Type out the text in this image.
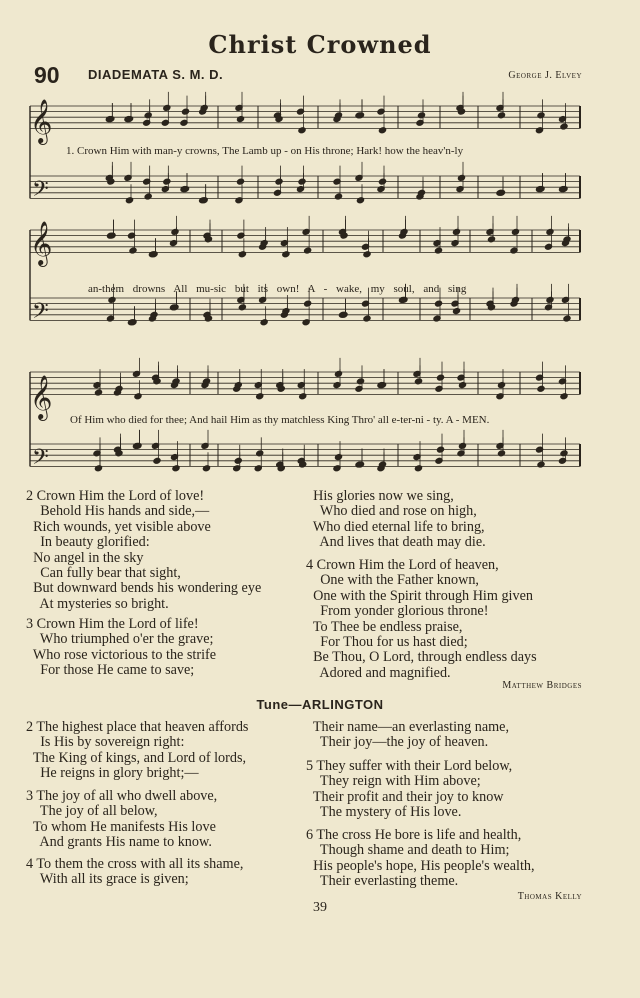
Christ Crowned
90 DIADEMATA S. M. D.	George J. Elvey
𝄞
𝄞
𝄞
𝄢
𝄢
𝄢
1. Crown Him with man-y crowns, The Lamb up - on His throne; Hark! how the heav'n-ly
an-them drowns All mu-sic but its own! A - wake, my soul, and sing
Of Him who died for thee; And hail Him as thy matchless King Thro' all e-ter-ni - ty. A - MEN.
2 Crown Him the Lord of love!
Behold His hands and side,—
Rich wounds, yet visible above
In beauty glorified:
No angel in the sky
Can fully bear that sight,
But downward bends his wondering eye
At mysteries so bright.
3 Crown Him the Lord of life!
Who triumphed o'er the grave;
Who rose victorious to the strife
For those He came to save;
His glories now we sing,
Who died and rose on high,
Who died eternal life to bring,
And lives that death may die.
4 Crown Him the Lord of heaven,
One with the Father known,
One with the Spirit through Him given
From yonder glorious throne!
To Thee be endless praise,
For Thou for us hast died;
Be Thou, O Lord, through endless days
Adored and magnified.
Matthew Bridges
Tune—ARLINGTON
2 The highest place that heaven affords
Is His by sovereign right:
The King of kings, and Lord of lords,
He reigns in glory bright;—
3 The joy of all who dwell above,
The joy of all below,
To whom He manifests His love
And grants His name to know.
4 To them the cross with all its shame,
With all its grace is given;
Their name—an everlasting name,
Their joy—the joy of heaven.
5 They suffer with their Lord below,
They reign with Him above;
Their profit and their joy to know
The mystery of His love.
6 The cross He bore is life and health,
Though shame and death to Him;
His people's hope, His people's wealth,
Their everlasting theme.
Thomas Kelly
39
